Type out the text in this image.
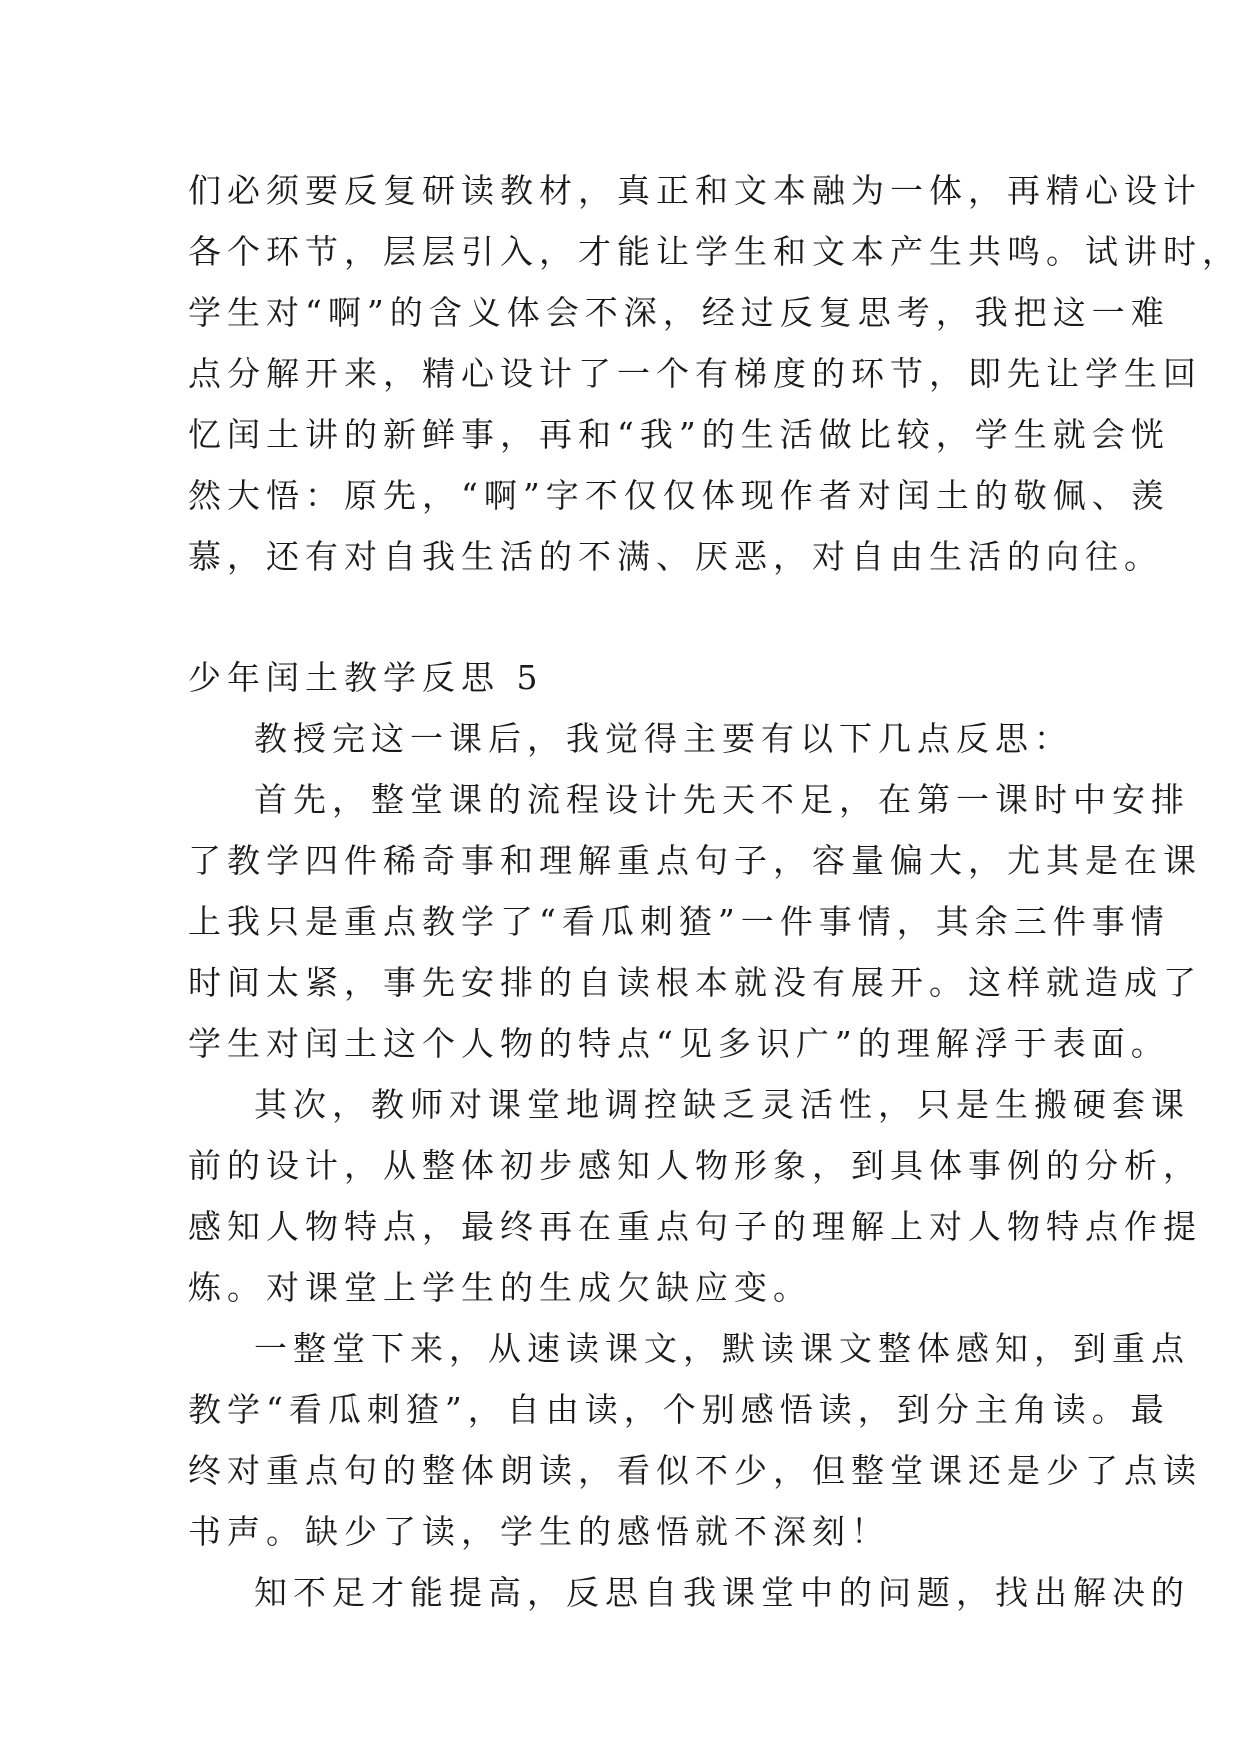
们必须要反复研读教材，真正和文本融为一体，再精心设计
各个环节，层层引入，才能让学生和文本产生共鸣。试讲时，
学生对“啊”的含义体会不深，经过反复思考，我把这一难
点分解开来，精心设计了一个有梯度的环节，即先让学生回
忆闰土讲的新鲜事，再和“我”的生活做比较，学生就会恍
然大悟：原先，“啊”字不仅仅体现作者对闰土的敬佩、羡
慕，还有对自我生活的不满、厌恶，对自由生活的向往。
少年闰土教学反思 5
教授完这一课后，我觉得主要有以下几点反思：
首先，整堂课的流程设计先天不足，在第一课时中安排
了教学四件稀奇事和理解重点句子，容量偏大，尤其是在课
上我只是重点教学了“看瓜刺猹”一件事情，其余三件事情
时间太紧，事先安排的自读根本就没有展开。这样就造成了
学生对闰土这个人物的特点“见多识广”的理解浮于表面。
其次，教师对课堂地调控缺乏灵活性，只是生搬硬套课
前的设计，从整体初步感知人物形象，到具体事例的分析，
感知人物特点，最终再在重点句子的理解上对人物特点作提
炼。对课堂上学生的生成欠缺应变。
一整堂下来，从速读课文，默读课文整体感知，到重点
教学“看瓜刺猹”，自由读，个别感悟读，到分主角读。最
终对重点句的整体朗读，看似不少，但整堂课还是少了点读
书声。缺少了读，学生的感悟就不深刻！
知不足才能提高，反思自我课堂中的问题，找出解决的
